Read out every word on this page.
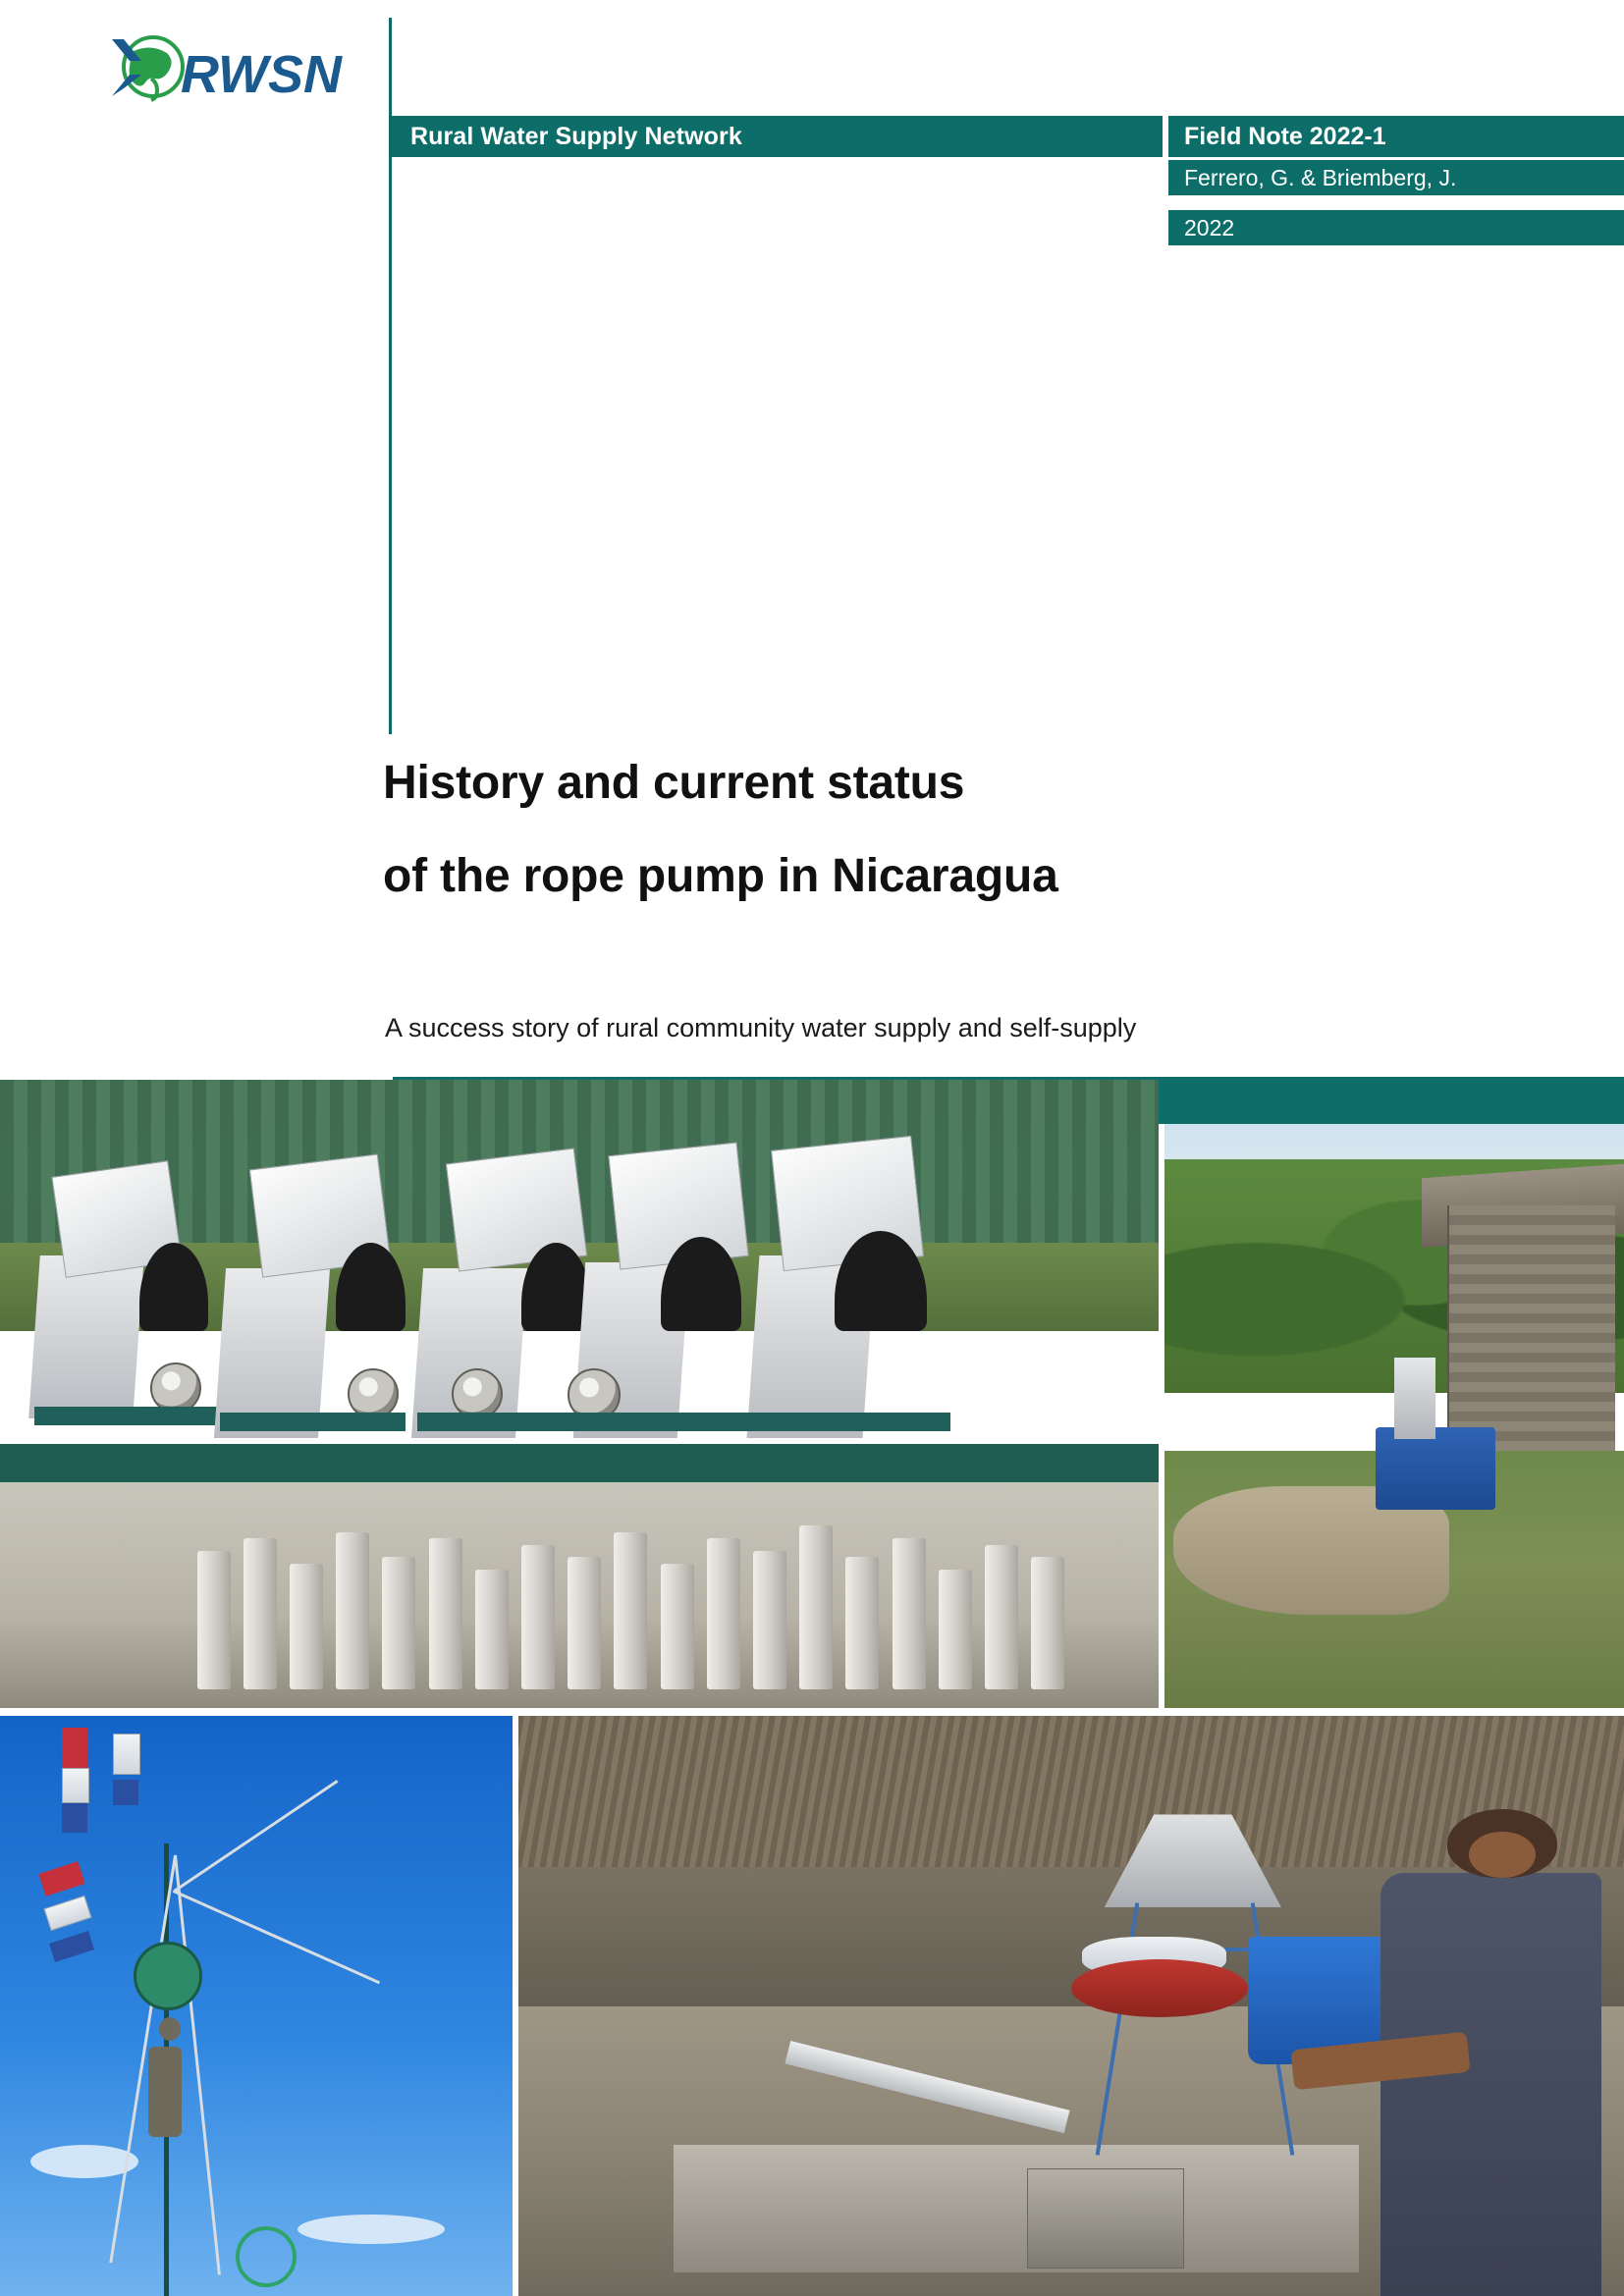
RWSN
Rural Water Supply Network	Field Note 2022-1
Ferrero, G. & Briemberg, J.
2022
History and current status
of the rope pump in Nicaragua
A success story of rural community water supply and self-supply
